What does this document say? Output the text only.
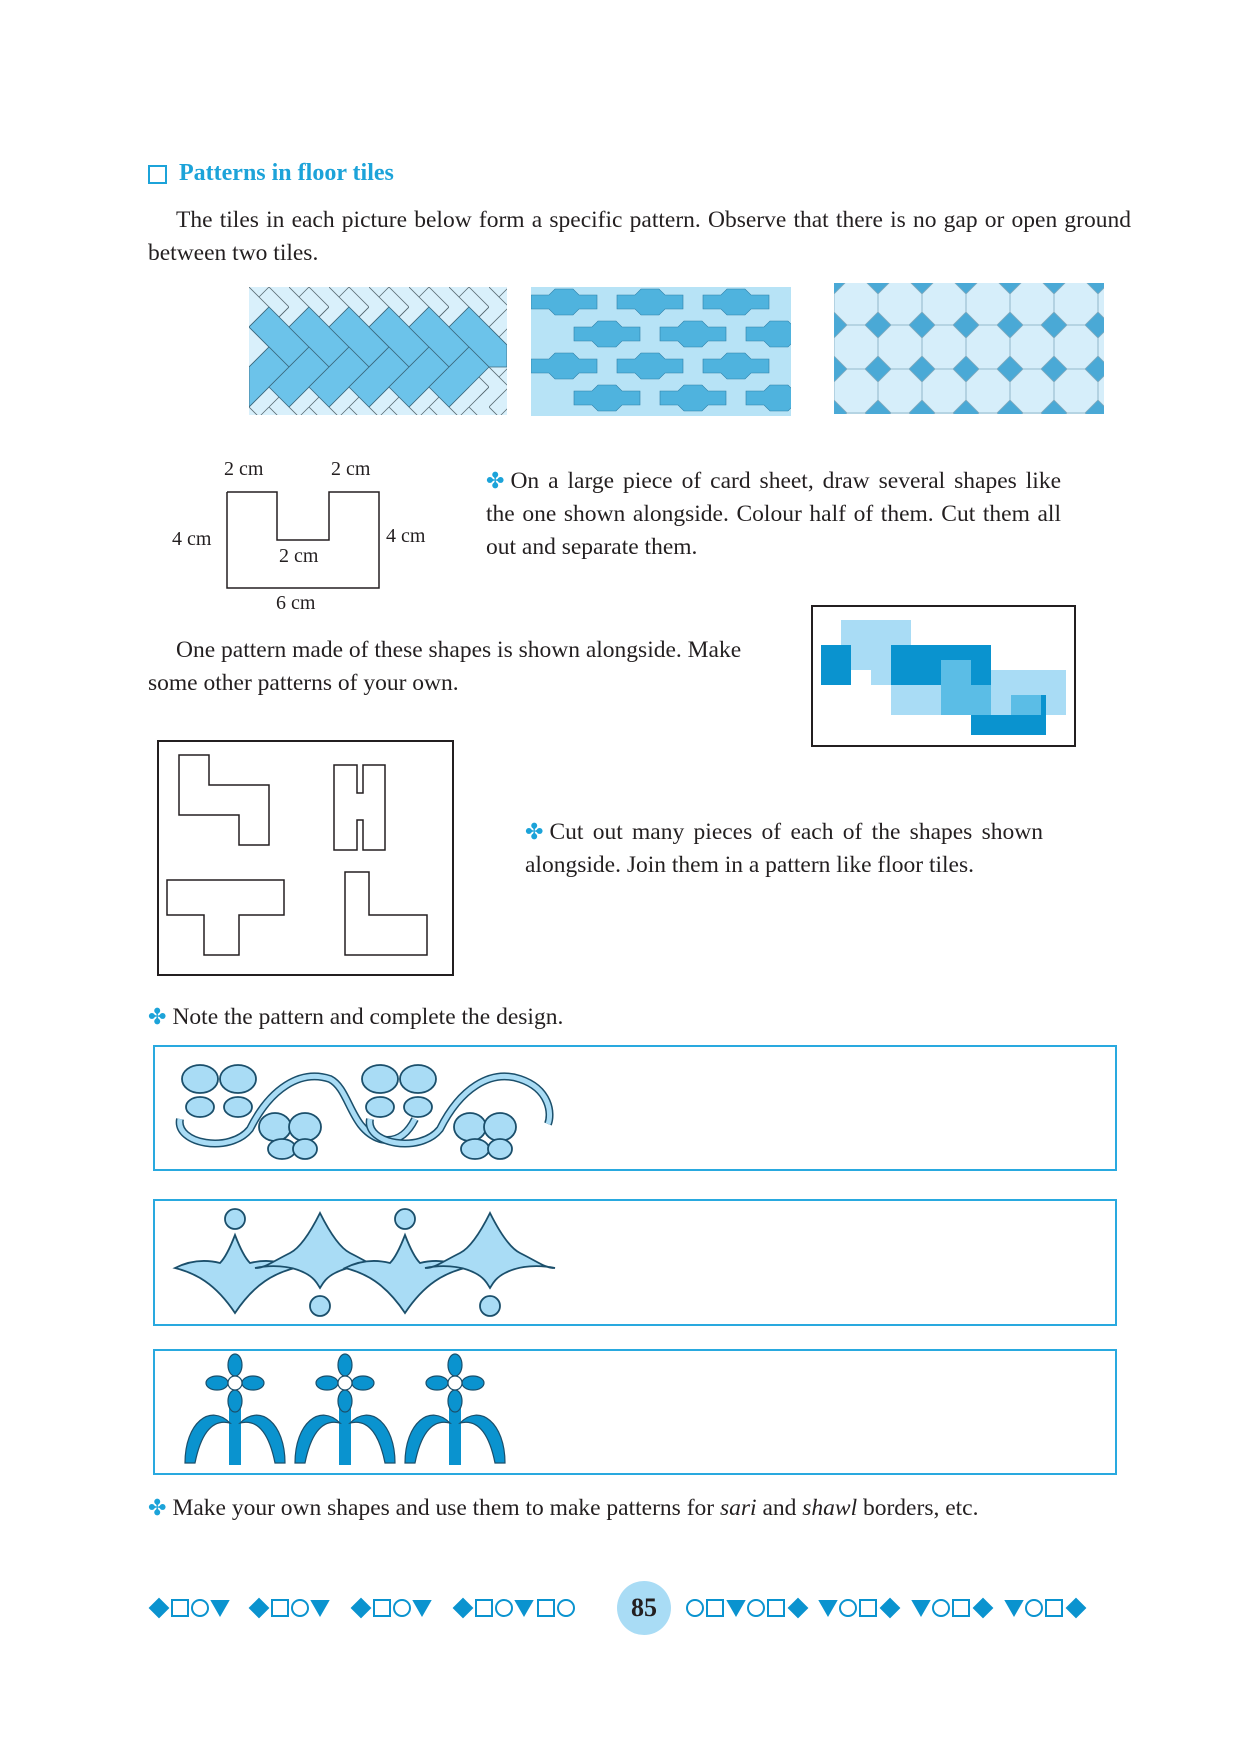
Patterns in floor tiles
The tiles in each picture below form a specific pattern. Observe that there is no gap or open ground between two tiles.
2 cm	2 cm
4 cm	4 cm
2 cm
6 cm
✤ On a large piece of card sheet, draw several shapes like the one shown alongside. Colour half of them. Cut them all out and separate them.
One pattern made of these shapes is shown alongside. Make some other patterns of your own.
✤ Cut out many pieces of each of the shapes shown alongside. Join them in a pattern like floor tiles.
✤ Note the pattern and complete the design.
✤ Make your own shapes and use them to make patterns for sari and shawl borders, etc.
85
